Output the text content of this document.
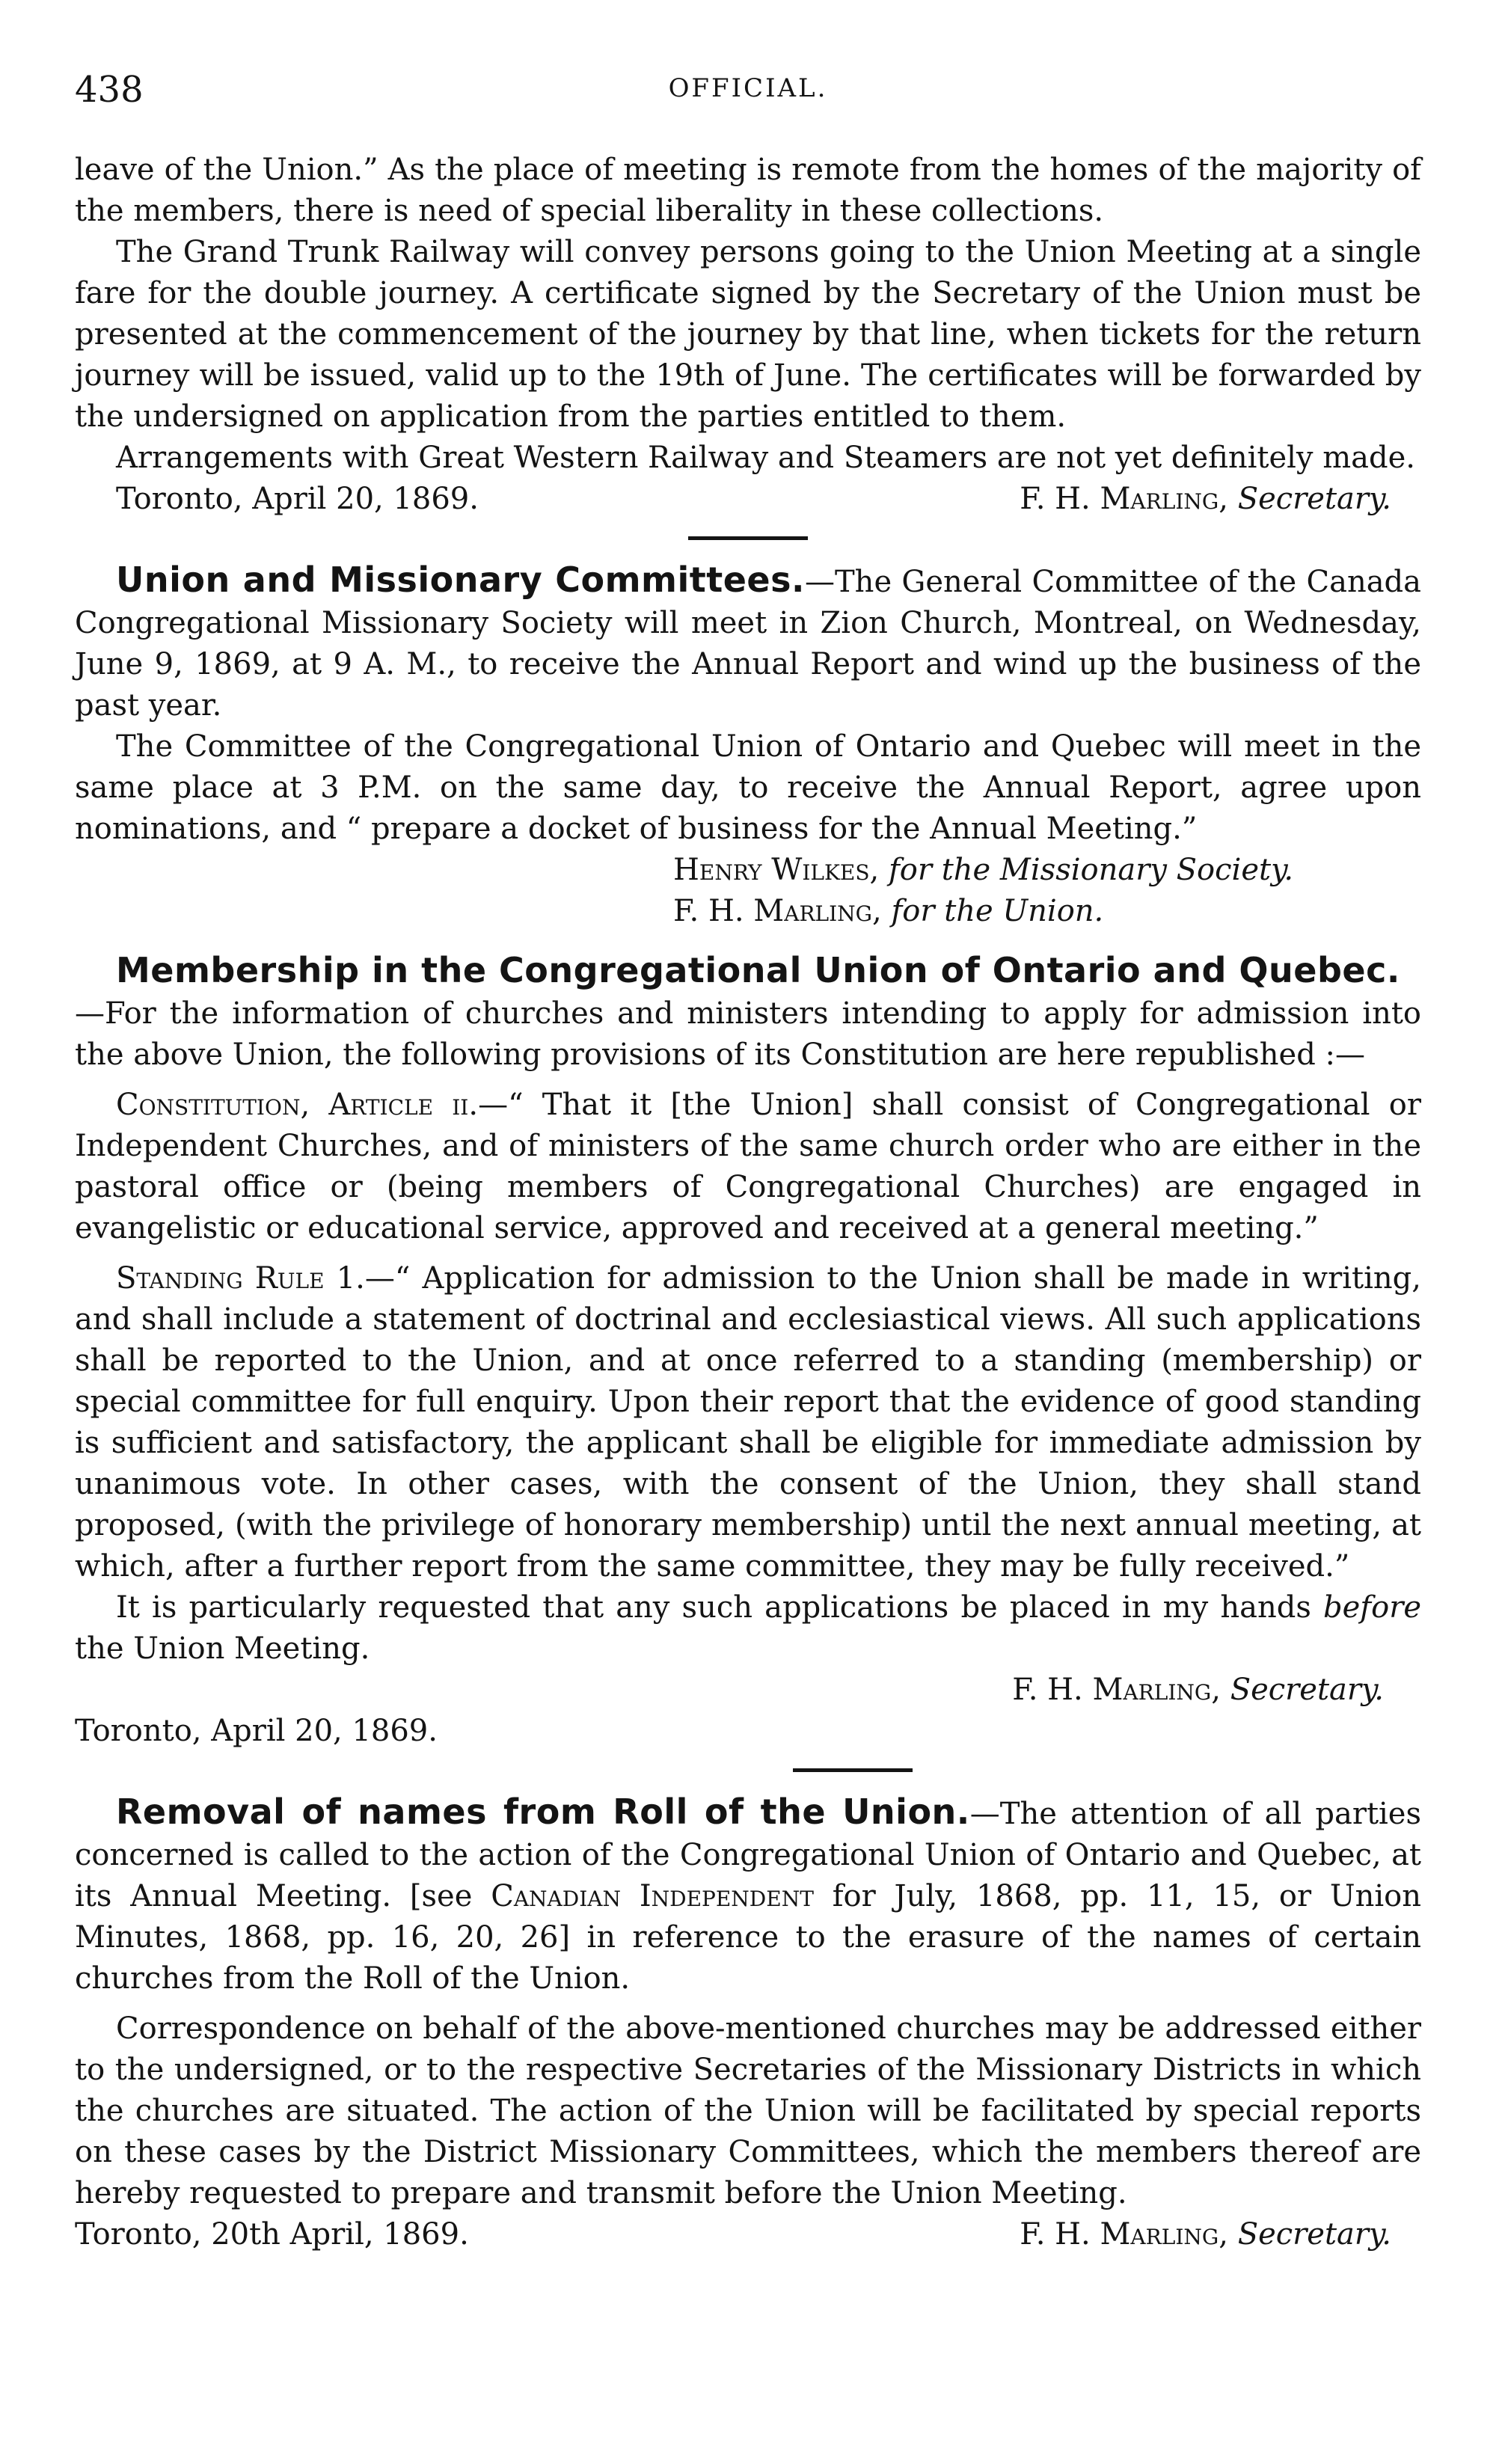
438	OFFICIAL.

leave of the Union.” As the place of meeting is remote from the homes of the majority of the members, there is need of special liberality in these collections.

The Grand Trunk Railway will convey persons going to the Union Meeting at a single fare for the double journey. A certificate signed by the Secretary of the Union must be presented at the commencement of the journey by that line, when tickets for the return journey will be issued, valid up to the 19th of June. The certificates will be forwarded by the undersigned on application from the parties entitled to them.

Arrangements with Great Western Railway and Steamers are not yet definitely made.

Toronto, April 20, 1869.	F. H. Marling, Secretary.

Union and Missionary Committees.—The General Committee of the Canada Congregational Missionary Society will meet in Zion Church, Montreal, on Wednesday, June 9, 1869, at 9 A. M., to receive the Annual Report and wind up the business of the past year.

The Committee of the Congregational Union of Ontario and Quebec will meet in the same place at 3 P.M. on the same day, to receive the Annual Report, agree upon nominations, and “ prepare a docket of business for the Annual Meeting.”

Henry Wilkes, for the Missionary Society.
F. H. Marling, for the Union.

Membership in the Congregational Union of Ontario and Quebec.

—For the information of churches and ministers intending to apply for admission into the above Union, the following provisions of its Constitution are here republished :—

Constitution, Article ii.—“ That it [the Union] shall consist of Congregational or Independent Churches, and of ministers of the same church order who are either in the pastoral office or (being members of Congregational Churches) are engaged in evangelistic or educational service, approved and received at a general meeting.”

Standing Rule 1.—“ Application for admission to the Union shall be made in writing, and shall include a statement of doctrinal and ecclesiastical views. All such applications shall be reported to the Union, and at once referred to a standing (membership) or special committee for full enquiry. Upon their report that the evidence of good standing is sufficient and satisfactory, the applicant shall be eligible for immediate admission by unanimous vote. In other cases, with the consent of the Union, they shall stand proposed, (with the privilege of honorary membership) until the next annual meeting, at which, after a further report from the same committee, they may be fully received.”

It is particularly requested that any such applications be placed in my hands before the Union Meeting.

F. H. Marling, Secretary.
Toronto, April 20, 1869.

Removal of names from Roll of the Union.—The attention of all parties concerned is called to the action of the Congregational Union of Ontario and Quebec, at its Annual Meeting. [see Canadian Independent for July, 1868, pp. 11, 15, or Union Minutes, 1868, pp. 16, 20, 26] in reference to the erasure of the names of certain churches from the Roll of the Union.

Correspondence on behalf of the above-mentioned churches may be addressed either to the undersigned, or to the respective Secretaries of the Missionary Districts in which the churches are situated. The action of the Union will be facilitated by special reports on these cases by the District Missionary Committees, which the members thereof are hereby requested to prepare and transmit before the Union Meeting.

Toronto, 20th April, 1869.	F. H. Marling, Secretary.
